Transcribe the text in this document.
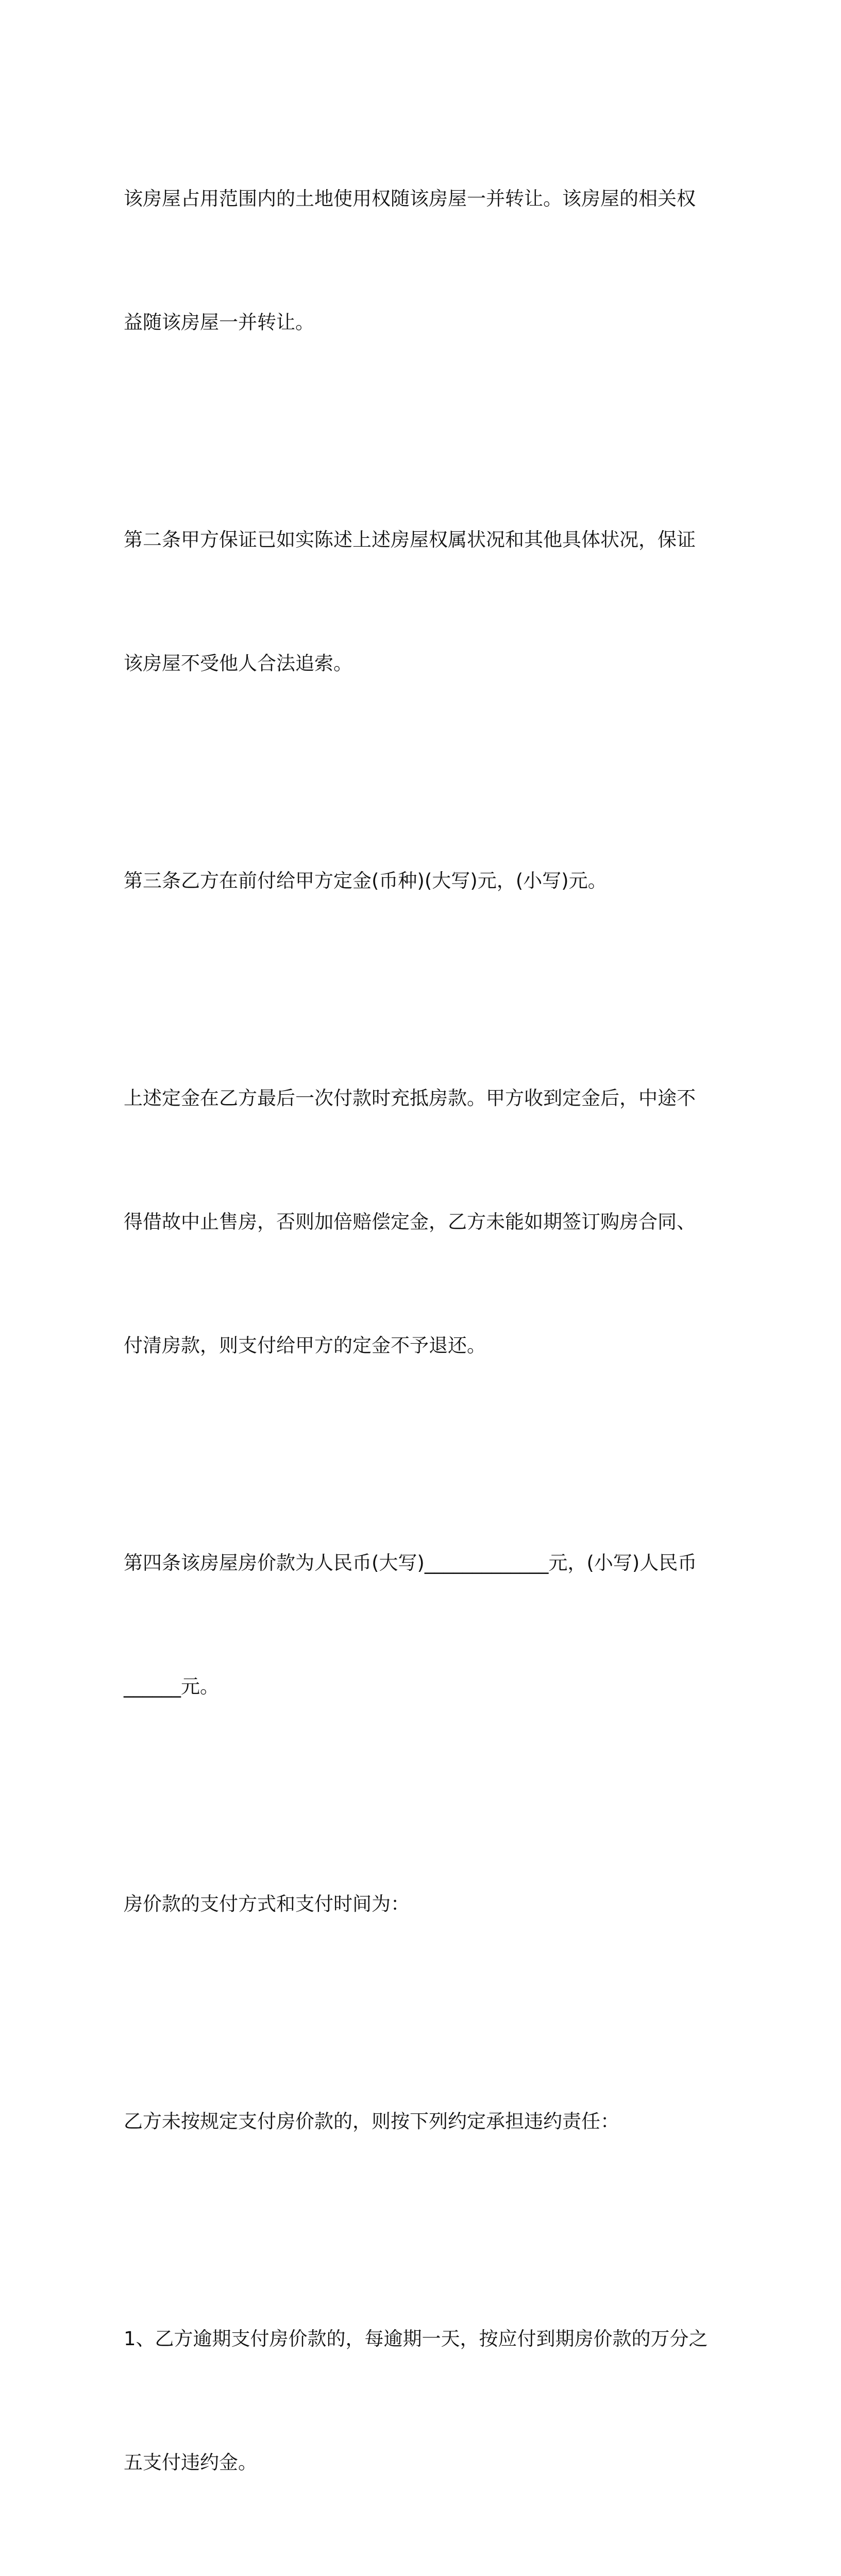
该房屋占用范围内的土地使用权随该房屋一并转让。该房屋的相关权

益随该房屋一并转让。

第二条甲方保证已如实陈述上述房屋权属状况和其他具体状况，保证

该房屋不受他人合法追索。

第三条乙方在前付给甲方定金(币种)(大写)元，(小写)元。

上述定金在乙方最后一次付款时充抵房款。甲方收到定金后，中途不

得借故中止售房，否则加倍赔偿定金，乙方未能如期签订购房合同、

付清房款，则支付给甲方的定金不予退还。

第四条该房屋房价款为人民币(大写)_____________元，(小写)人民币

______元。

房价款的支付方式和支付时间为：

乙方未按规定支付房价款的，则按下列约定承担违约责任：

1、乙方逾期支付房价款的，每逾期一天，按应付到期房价款的万分之

五支付违约金。
